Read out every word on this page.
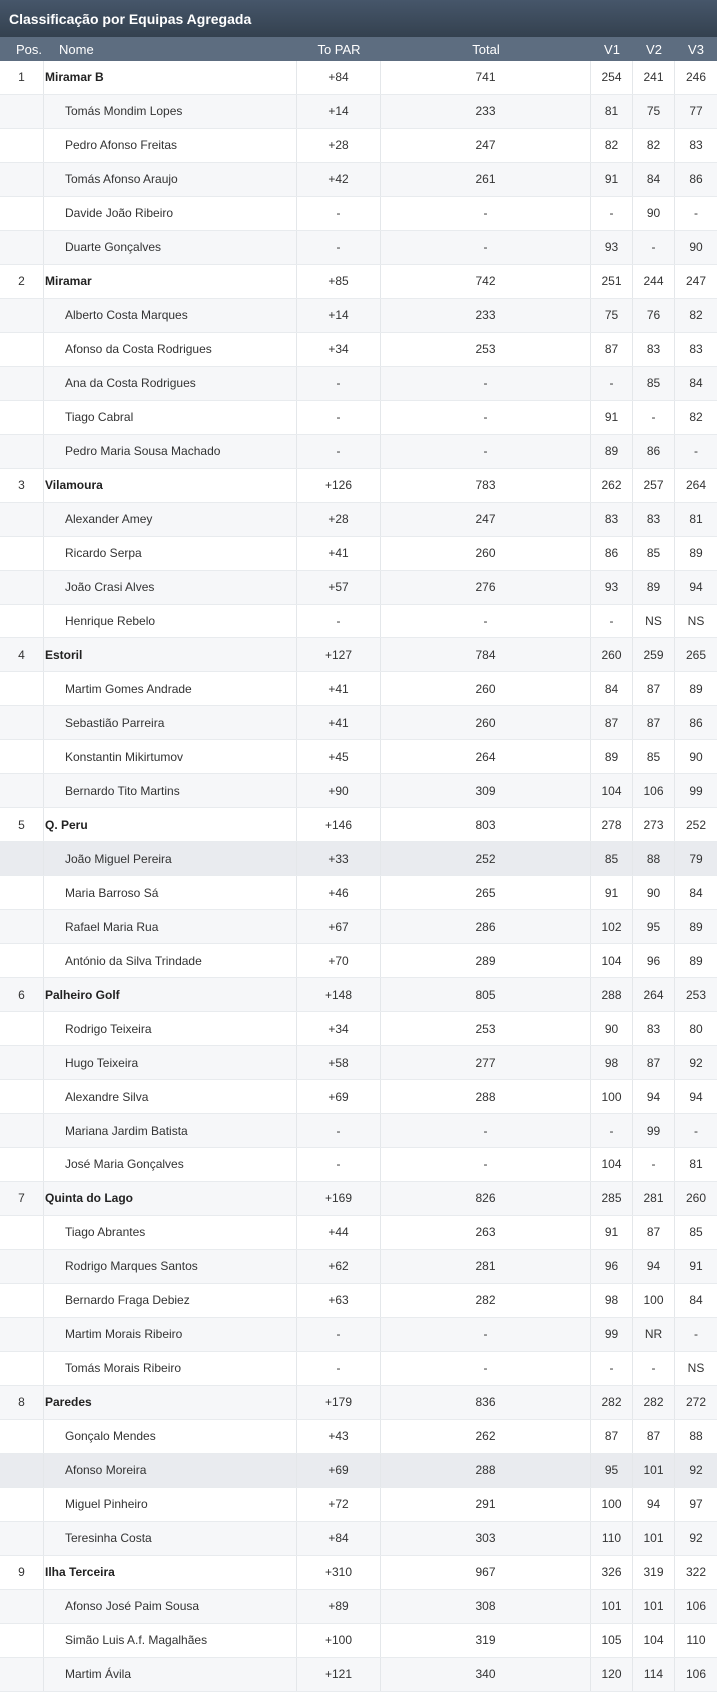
Classificação por Equipas Agregada
Pos.	Nome	To PAR	Total	V1	V2	V3
1	Miramar B	+84	741	254	241	246
Tomás Mondim Lopes	+14	233	81	75	77
Pedro Afonso Freitas	+28	247	82	82	83
Tomás Afonso Araujo	+42	261	91	84	86
Davide João Ribeiro	-	-	-	90	-
Duarte Gonçalves	-	-	93	-	90
2	Miramar	+85	742	251	244	247
Alberto Costa Marques	+14	233	75	76	82
Afonso da Costa Rodrigues	+34	253	87	83	83
Ana da Costa Rodrigues	-	-	-	85	84
Tiago Cabral	-	-	91	-	82
Pedro Maria Sousa Machado	-	-	89	86	-
3	Vilamoura	+126	783	262	257	264
Alexander Amey	+28	247	83	83	81
Ricardo Serpa	+41	260	86	85	89
João Crasi Alves	+57	276	93	89	94
Henrique Rebelo	-	-	-	NS	NS
4	Estoril	+127	784	260	259	265
Martim Gomes Andrade	+41	260	84	87	89
Sebastião Parreira	+41	260	87	87	86
Konstantin Mikirtumov	+45	264	89	85	90
Bernardo Tito Martins	+90	309	104	106	99
5	Q. Peru	+146	803	278	273	252
João Miguel Pereira	+33	252	85	88	79
Maria Barroso Sá	+46	265	91	90	84
Rafael Maria Rua	+67	286	102	95	89
António da Silva Trindade	+70	289	104	96	89
6	Palheiro Golf	+148	805	288	264	253
Rodrigo Teixeira	+34	253	90	83	80
Hugo Teixeira	+58	277	98	87	92
Alexandre Silva	+69	288	100	94	94
Mariana Jardim Batista	-	-	-	99	-
José Maria Gonçalves	-	-	104	-	81
7	Quinta do Lago	+169	826	285	281	260
Tiago Abrantes	+44	263	91	87	85
Rodrigo Marques Santos	+62	281	96	94	91
Bernardo Fraga Debiez	+63	282	98	100	84
Martim Morais Ribeiro	-	-	99	NR	-
Tomás Morais Ribeiro	-	-	-	-	NS
8	Paredes	+179	836	282	282	272
Gonçalo Mendes	+43	262	87	87	88
Afonso Moreira	+69	288	95	101	92
Miguel Pinheiro	+72	291	100	94	97
Teresinha Costa	+84	303	110	101	92
9	Ilha Terceira	+310	967	326	319	322
Afonso José Paim Sousa	+89	308	101	101	106
Simão Luis A.f. Magalhães	+100	319	105	104	110
Martim Ávila	+121	340	120	114	106
